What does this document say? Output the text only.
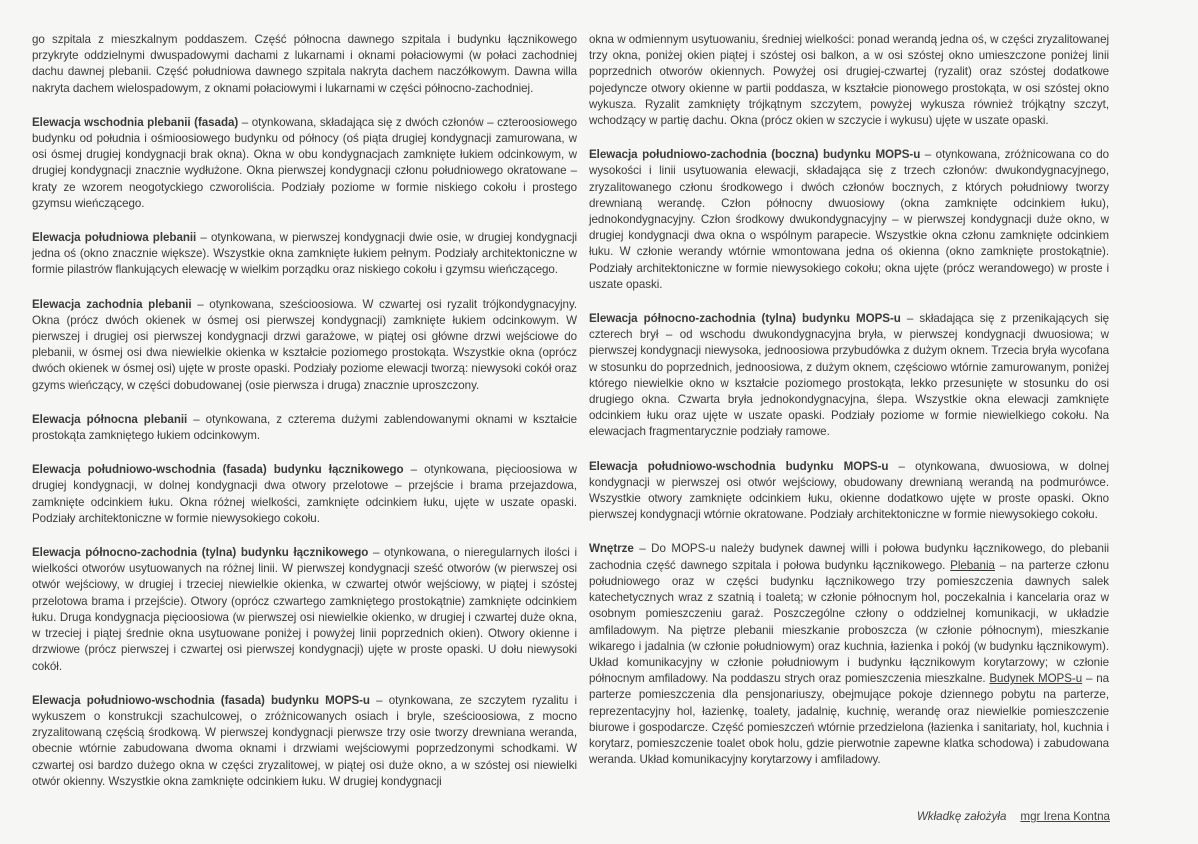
go szpitala z mieszkalnym poddaszem. Część północna dawnego szpitala i budynku łącznikowego przykryte oddzielnymi dwuspadowymi dachami z lukarnami i oknami połaciowymi (w połaci zachodniej dachu dawnej plebanii. Część południowa dawnego szpitala nakryta dachem naczółkowym. Dawna willa nakryta dachem wielospadowym, z oknami połaciowymi i lukarnami w części północno-zachodniej.

Elewacja wschodnia plebanii (fasada) – otynkowana, składająca się z dwóch członów – czteroosiowego budynku od południa i ośmioosiowego budynku od północy (oś piąta drugiej kondygnacji zamurowana, w osi ósmej drugiej kondygnacji brak okna). Okna w obu kondygnacjach zamknięte łukiem odcinkowym, w drugiej kondygnacji znacznie wydłużone. Okna pierwszej kondygnacji członu południowego okratowane – kraty ze wzorem neogotyckiego czworoliścia. Podziały poziome w formie niskiego cokołu i prostego gzymsu wieńczącego.

Elewacja południowa plebanii – otynkowana, w pierwszej kondygnacji dwie osie, w drugiej kondygnacji jedna oś (okno znacznie większe). Wszystkie okna zamknięte łukiem pełnym. Podziały architektoniczne w formie pilastrów flankujących elewację w wielkim porządku oraz niskiego cokołu i gzymsu wieńczącego.

Elewacja zachodnia plebanii – otynkowana, sześcioosiowa. W czwartej osi ryzalit trójkondygnacyjny. Okna (prócz dwóch okienek w ósmej osi pierwszej kondygnacji) zamknięte łukiem odcinkowym. W pierwszej i drugiej osi pierwszej kondygnacji drzwi garażowe, w piątej osi główne drzwi wejściowe do plebanii, w ósmej osi dwa niewielkie okienka w kształcie poziomego prostokąta. Wszystkie okna (oprócz dwóch okienek w ósmej osi) ujęte w proste opaski. Podziały poziome elewacji tworzą: niewysoki cokół oraz gzyms wieńczący, w części dobudowanej (osie pierwsza i druga) znacznie uproszczony.

Elewacja północna plebanii – otynkowana, z czterema dużymi zablendowanymi oknami w kształcie prostokąta zamkniętego łukiem odcinkowym.

Elewacja południowo-wschodnia (fasada) budynku łącznikowego – otynkowana, pięcioosiowa w drugiej kondygnacji, w dolnej kondygnacji dwa otwory przelotowe – przejście i brama przejazdowa, zamknięte odcinkiem łuku. Okna różnej wielkości, zamknięte odcinkiem łuku, ujęte w uszate opaski. Podziały architektoniczne w formie niewysokiego cokołu.

Elewacja północno-zachodnia (tylna) budynku łącznikowego – otynkowana, o nieregularnych ilości i wielkości otworów usytuowanych na różnej linii. W pierwszej kondygnacji sześć otworów (w pierwszej osi otwór wejściowy, w drugiej i trzeciej niewielkie okienka, w czwartej otwór wejściowy, w piątej i szóstej przelotowa brama i przejście). Otwory (oprócz czwartego zamkniętego prostokątnie) zamknięte odcinkiem łuku. Druga kondygnacja pięcioosiowa (w pierwszej osi niewielkie okienko, w drugiej i czwartej duże okna, w trzeciej i piątej średnie okna usytuowane poniżej i powyżej linii poprzednich okien). Otwory okienne i drzwiowe (prócz pierwszej i czwartej osi pierwszej kondygnacji) ujęte w proste opaski. U dołu niewysoki cokół.

Elewacja południowo-wschodnia (fasada) budynku MOPS-u – otynkowana, ze szczytem ryzalitu i wykuszem o konstrukcji szachulcowej, o zróżnicowanych osiach i bryle, sześcioosiowa, z mocno zryzalitowaną częścią środkową. W pierwszej kondygnacji pierwsze trzy osie tworzy drewniana weranda, obecnie wtórnie zabudowana dwoma oknami i drzwiami wejściowymi poprzedzonymi schodkami. W czwartej osi bardzo dużego okna w części zryzalitowej, w piątej osi duże okno, a w szóstej osi niewielki otwór okienny. Wszystkie okna zamknięte odcinkiem łuku. W drugiej kondygnacji

okna w odmiennym usytuowaniu, średniej wielkości: ponad werandą jedna oś, w części zryzalitowanej trzy okna, poniżej okien piątej i szóstej osi balkon, a w osi szóstej okno umieszczone poniżej linii poprzednich otworów okiennych. Powyżej osi drugiej-czwartej (ryzalit) oraz szóstej dodatkowe pojedyncze otwory okienne w partii poddasza, w kształcie pionowego prostokąta, w osi szóstej okno wykusza. Ryzalit zamknięty trójkątnym szczytem, powyżej wykusza również trójkątny szczyt, wchodzący w partię dachu. Okna (prócz okien w szczycie i wykusu) ujęte w uszate opaski.

Elewacja południowo-zachodnia (boczna) budynku MOPS-u – otynkowana, zróżnicowana co do wysokości i linii usytuowania elewacji, składająca się z trzech członów: dwukondygnacyjnego, zryzalitowanego członu środkowego i dwóch członów bocznych, z których południowy tworzy drewnianą werandę. Człon północny dwuosiowy (okna zamknięte odcinkiem łuku), jednokondygnacyjny. Człon środkowy dwukondygnacyjny – w pierwszej kondygnacji duże okno, w drugiej kondygnacji dwa okna o wspólnym parapecie. Wszystkie okna członu zamknięte odcinkiem łuku. W członie werandy wtórnie wmontowana jedna oś okienna (okno zamknięte prostokątnie). Podziały architektoniczne w formie niewysokiego cokołu; okna ujęte (prócz werandowego) w proste i uszate opaski.

Elewacja północno-zachodnia (tylna) budynku MOPS-u – składająca się z przenikających się czterech brył – od wschodu dwukondygnacyjna bryła, w pierwszej kondygnacji dwuosiowa; w pierwszej kondygnacji niewysoka, jednoosiowa przybudówka z dużym oknem. Trzecia bryła wycofana w stosunku do poprzednich, jednoosiowa, z dużym oknem, częściowo wtórnie zamurowanym, poniżej którego niewielkie okno w kształcie poziomego prostokąta, lekko przesunięte w stosunku do osi drugiego okna. Czwarta bryła jednokondygnacyjna, ślepa. Wszystkie okna elewacji zamknięte odcinkiem łuku oraz ujęte w uszate opaski. Podziały poziome w formie niewielkiego cokołu. Na elewacjach fragmentarycznie podziały ramowe.

Elewacja południowo-wschodnia budynku MOPS-u – otynkowana, dwuosiowa, w dolnej kondygnacji w pierwszej osi otwór wejściowy, obudowany drewnianą werandą na podmurówce. Wszystkie otwory zamknięte odcinkiem łuku, okienne dodatkowo ujęte w proste opaski. Okno pierwszej kondygnacji wtórnie okratowane. Podziały architektoniczne w formie niewysokiego cokołu.

Wnętrze – Do MOPS-u należy budynek dawnej willi i połowa budynku łącznikowego, do plebanii zachodnia część dawnego szpitala i połowa budynku łącznikowego. Plebania – na parterze członu południowego oraz w części budynku łącznikowego trzy pomieszczenia dawnych salek katechetycznych wraz z szatnią i toaletą; w członie północnym hol, poczekalnia i kancelaria oraz w osobnym pomieszczeniu garaż. Poszczególne człony o oddzielnej komunikacji, w układzie amfiladowym. Na piętrze plebanii mieszkanie proboszcza (w członie północnym), mieszkanie wikarego i jadalnia (w członie południowym) oraz kuchnia, łazienka i pokój (w budynku łącznikowym). Układ komunikacyjny w członie południowym i budynku łącznikowym korytarzowy; w członie północnym amfiladowy. Na poddaszu strych oraz pomieszczenia mieszkalne. Budynek MOPS-u – na parterze pomieszczenia dla pensjonariuszy, obejmujące pokoje dziennego pobytu na parterze, reprezentacyjny hol, łazienkę, toalety, jadalnię, kuchnię, werandę oraz niewielkie pomieszczenie biurowe i gospodarcze. Część pomieszczeń wtórnie przedzielona (łazienka i sanitariaty, hol, kuchnia i korytarz, pomieszczenie toalet obok holu, gdzie pierwotnie zapewne klatka schodowa) i zabudowana weranda. Układ komunikacyjny korytarzowy i amfiladowy.

Wkładkę założyła mgr Irena Kontna
